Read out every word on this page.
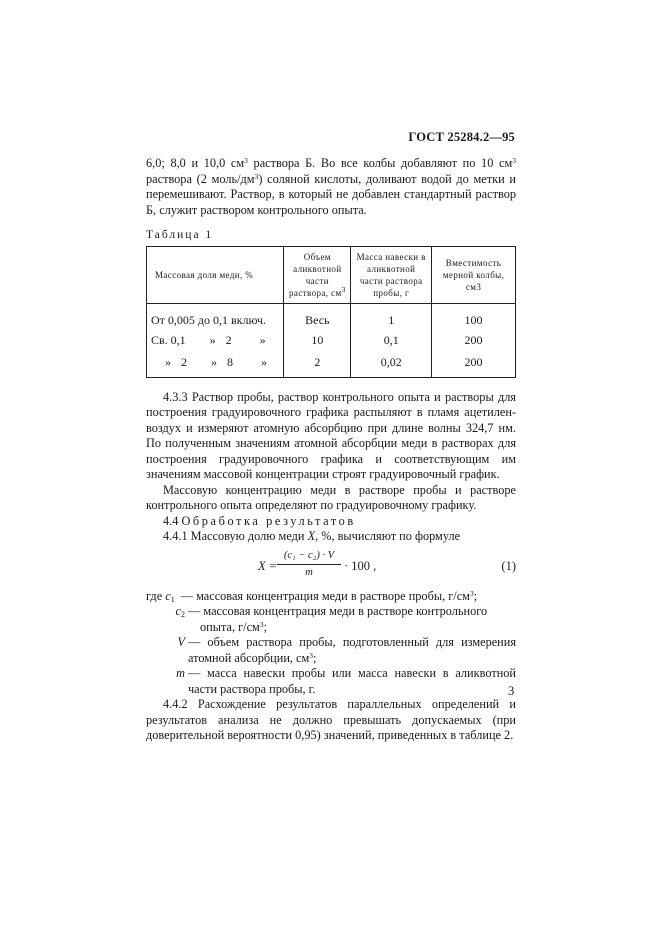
ГОСТ 25284.2—95

6,0; 8,0 и 10,0 $см^3$ раствора Б. Во все колбы добавляют по 10 $см^3$ раствора (2 моль/$дм^3$) соляной кислоты, доливают водой до метки и перемешивают. Раствор, в который не добавлен стандартный раствор Б, служит раствором контрольного опыта.

Таблица 1
Массовая доля меди, %	Объем аликвотной части раствора, $см^3$	Масса навески в аликвотной части раствора пробы, г	Вместимость мерной колбы, см3
От 0,005 до 0,1 включ.	Весь	1	100
Св. 0,1 » 2 »	10	0,1	200
» 2 » 8 »	2	0,02	200

4.3.3 Раствор пробы, раствор контрольного опыта и растворы для построения градуировочного графика распыляют в пламя ацетилен-воздух и измеряют атомную абсорбцию при длине волны 324,7 нм. По полученным значениям атомной абсорбции меди в растворах для построения градуировочного графика и соответствующим им значениям массовой концентрации строят градуировочный график.

Массовую концентрацию меди в растворе пробы и растворе контрольного опыта определяют по градуировочному графику.

4.4 Обработка результатов

4.4.1 Массовую долю меди X, %, вычисляют по формуле

$X = \frac{\text{(c₁ − c₂) · V}}{m} \cdot 100$ ,	(1)
где $c_1$ — массовая концентрация меди в растворе пробы, $г/см^3$;
$c_2$ — массовая концентрация меди в растворе контрольного
опыта, $г/см^3$;
V — объем раствора пробы, подготовленный для измерения атомной абсорбции, $см^3$;
m — масса навески пробы или масса навески в аликвотной части раствора пробы, г.

4.4.2 Расхождение результатов параллельных определений и результатов анализа не должно превышать допускаемых (при доверительной вероятности 0,95) значений, приведенных в таблице 2.

3
